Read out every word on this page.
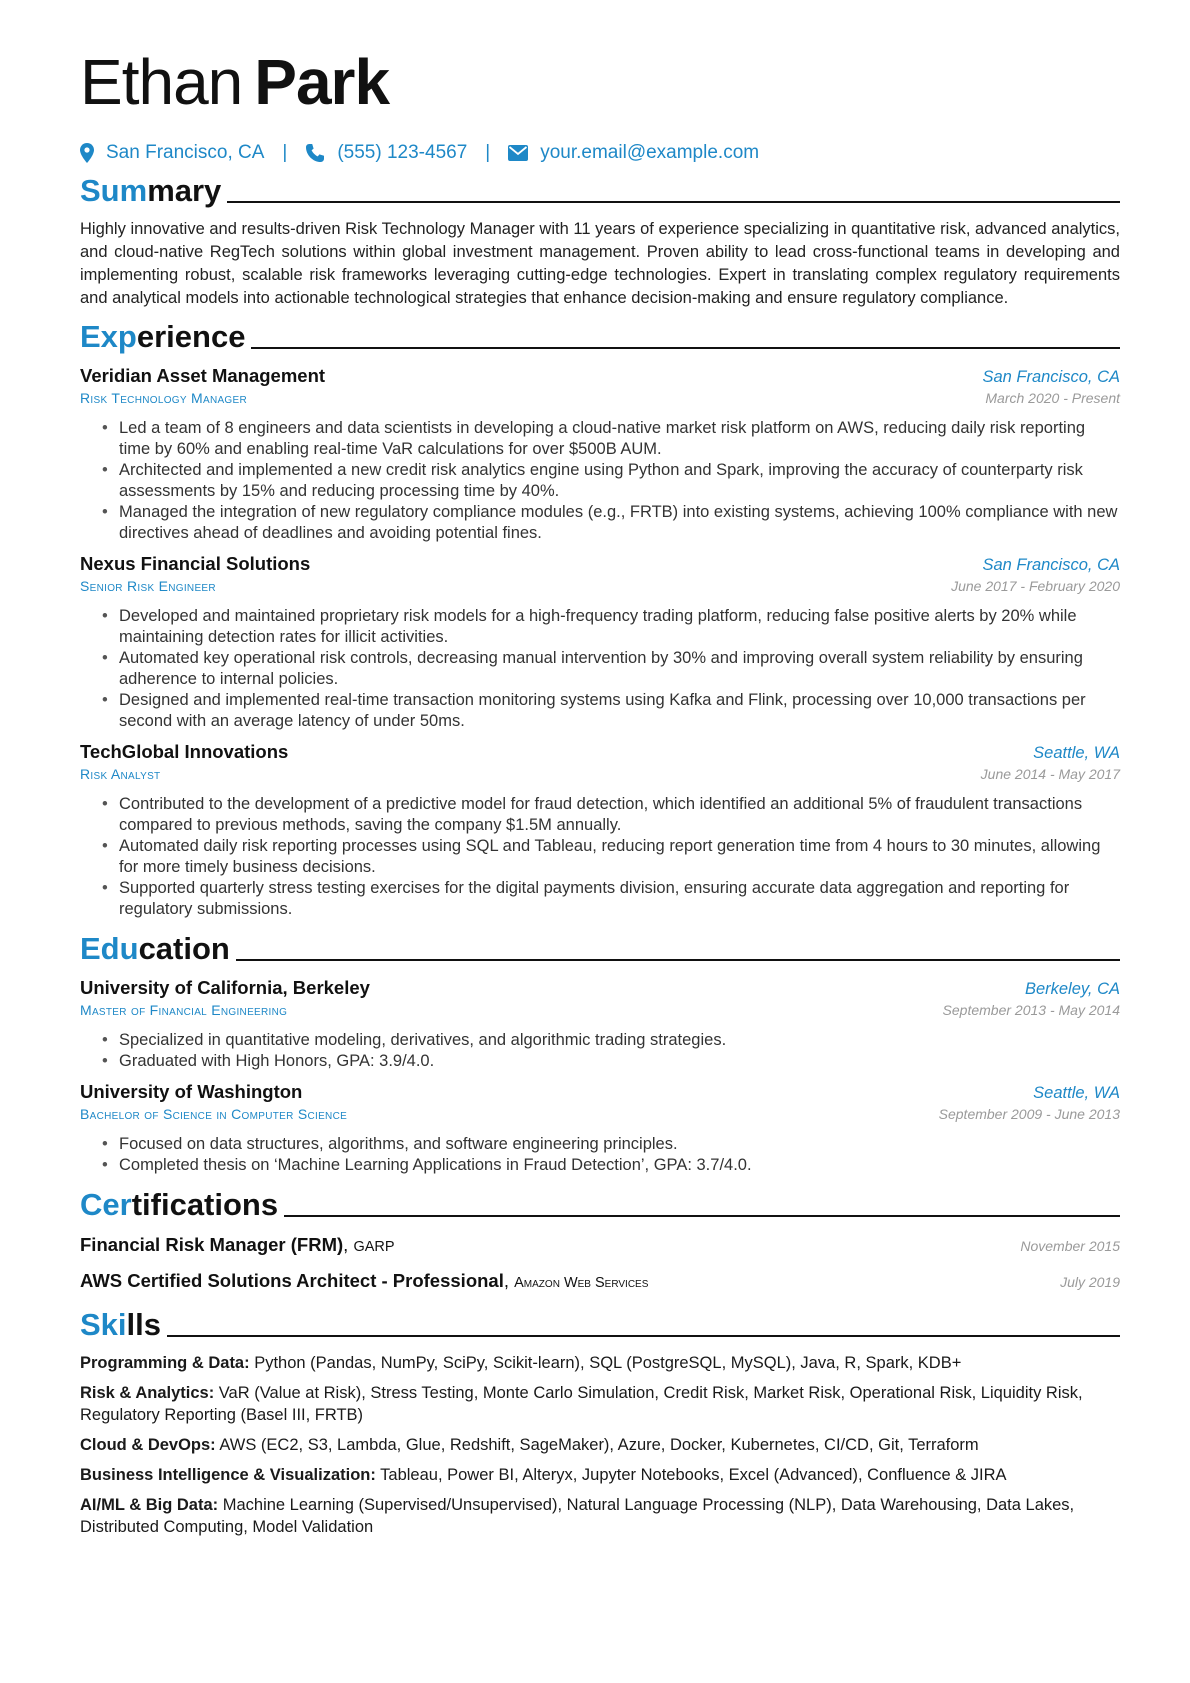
Ethan Park
San Francisco, CA |	(555) 123-4567 |	your.email@example.com
Summary
Highly innovative and results-driven Risk Technology Manager with 11 years of experience specializing in quantitative risk, advanced analytics, and cloud-native RegTech solutions within global investment management. Proven ability to lead cross-functional teams in developing and implementing robust, scalable risk frameworks leveraging cutting-edge technologies. Expert in translating complex regulatory requirements and analytical models into actionable technological strategies that enhance decision-making and ensure regulatory compliance.
Experience
Veridian Asset Management	San Francisco, CA
Risk Technology Manager	March 2020 - Present
• Led a team of 8 engineers and data scientists in developing a cloud-native market risk platform on AWS, reducing daily risk reporting time by 60% and enabling real-time VaR calculations for over $500B AUM.
• Architected and implemented a new credit risk analytics engine using Python and Spark, improving the accuracy of counterparty risk assessments by 15% and reducing processing time by 40%.
• Managed the integration of new regulatory compliance modules (e.g., FRTB) into existing systems, achieving 100% compliance with new directives ahead of deadlines and avoiding potential fines.
Nexus Financial Solutions	San Francisco, CA
Senior Risk Engineer	June 2017 - February 2020
• Developed and maintained proprietary risk models for a high-frequency trading platform, reducing false positive alerts by 20% while maintaining detection rates for illicit activities.
• Automated key operational risk controls, decreasing manual intervention by 30% and improving overall system reliability by ensuring adherence to internal policies.
• Designed and implemented real-time transaction monitoring systems using Kafka and Flink, processing over 10,000 transactions per second with an average latency of under 50ms.
TechGlobal Innovations	Seattle, WA
Risk Analyst	June 2014 - May 2017
• Contributed to the development of a predictive model for fraud detection, which identified an additional 5% of fraudulent transactions compared to previous methods, saving the company $1.5M annually.
• Automated daily risk reporting processes using SQL and Tableau, reducing report generation time from 4 hours to 30 minutes, allowing for more timely business decisions.
• Supported quarterly stress testing exercises for the digital payments division, ensuring accurate data aggregation and reporting for regulatory submissions.
Education
University of California, Berkeley	Berkeley, CA
Master of Financial Engineering	September 2013 - May 2014
• Specialized in quantitative modeling, derivatives, and algorithmic trading strategies.
• Graduated with High Honors, GPA: 3.9/4.0.
University of Washington	Seattle, WA
Bachelor of Science in Computer Science	September 2009 - June 2013
• Focused on data structures, algorithms, and software engineering principles.
• Completed thesis on ‘Machine Learning Applications in Fraud Detection’, GPA: 3.7/4.0.
Certifications
Financial Risk Manager (FRM), GARP	November 2015
AWS Certified Solutions Architect - Professional, Amazon Web Services	July 2019
Skills
Programming & Data: Python (Pandas, NumPy, SciPy, Scikit-learn), SQL (PostgreSQL, MySQL), Java, R, Spark, KDB+
Risk & Analytics: VaR (Value at Risk), Stress Testing, Monte Carlo Simulation, Credit Risk, Market Risk, Operational Risk, Liquidity Risk, Regulatory Reporting (Basel III, FRTB)
Cloud & DevOps: AWS (EC2, S3, Lambda, Glue, Redshift, SageMaker), Azure, Docker, Kubernetes, CI/CD, Git, Terraform
Business Intelligence & Visualization: Tableau, Power BI, Alteryx, Jupyter Notebooks, Excel (Advanced), Confluence & JIRA
AI/ML & Big Data: Machine Learning (Supervised/Unsupervised), Natural Language Processing (NLP), Data Warehousing, Data Lakes, Distributed Computing, Model Validation
